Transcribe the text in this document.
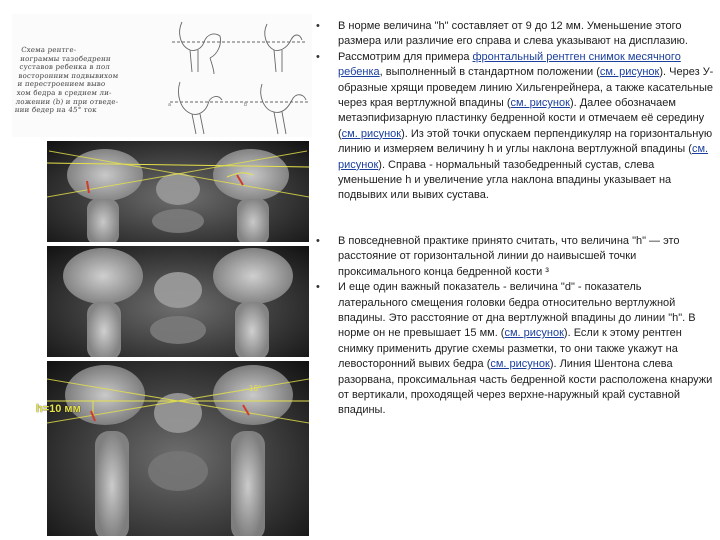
Схема рентге-
нограммы тазобедренн
суставов ребенка в пол
восторонним подвывихом
и перестроением выво
хом бедра в среднем ли-
ложении (b) и при отведе-
нии бедер на 45° ток
а	b
h=10 мм
16°
• В норме величина "h" составляет от 9 до 12 мм. Уменьшение этого размера или различие его справа и слева указывают на дисплазию.
• Рассмотрим для примера фронтальный рентген снимок месячного ребенка, выполненный в стандартном положении (см. рисунок). Через У-образные хрящи проведем линию Хильгенрейнера, а также касательные через края вертлужной впадины (см. рисунок). Далее обозначаем метаэпифизарную пластинку бедренной кости и отмечаем её середину (см. рисунок). Из этой точки опускаем перпендикуляр на горизонтальную линию и измеряем величину h и углы наклона вертлужной впадины (см. рисунок). Справа - нормальный тазобедренный сустав, слева уменьшение h и увеличение угла наклона впадины указывает на подвывих или вывих сустава.
• В повседневной практике принято считать, что величина "h" — это расстояние от горизонтальной линии до наивысшей точки проксимального конца бедренной кости ³
• И еще один важный показатель - величина "d" - показатель латерального смещения головки бедра относительно вертлужной впадины. Это расстояние от дна вертлужной впадины до линии "h". В норме он не превышает 15 мм. (см. рисунок). Если к этому рентген снимку применить другие схемы разметки, то они также укажут на левосторонний вывих бедра (см. рисунок). Линия Шентона слева разорвана, проксимальная часть бедренной кости расположена кнаружи от вертикали, проходящей через верхне-наружный край суставной впадины.
